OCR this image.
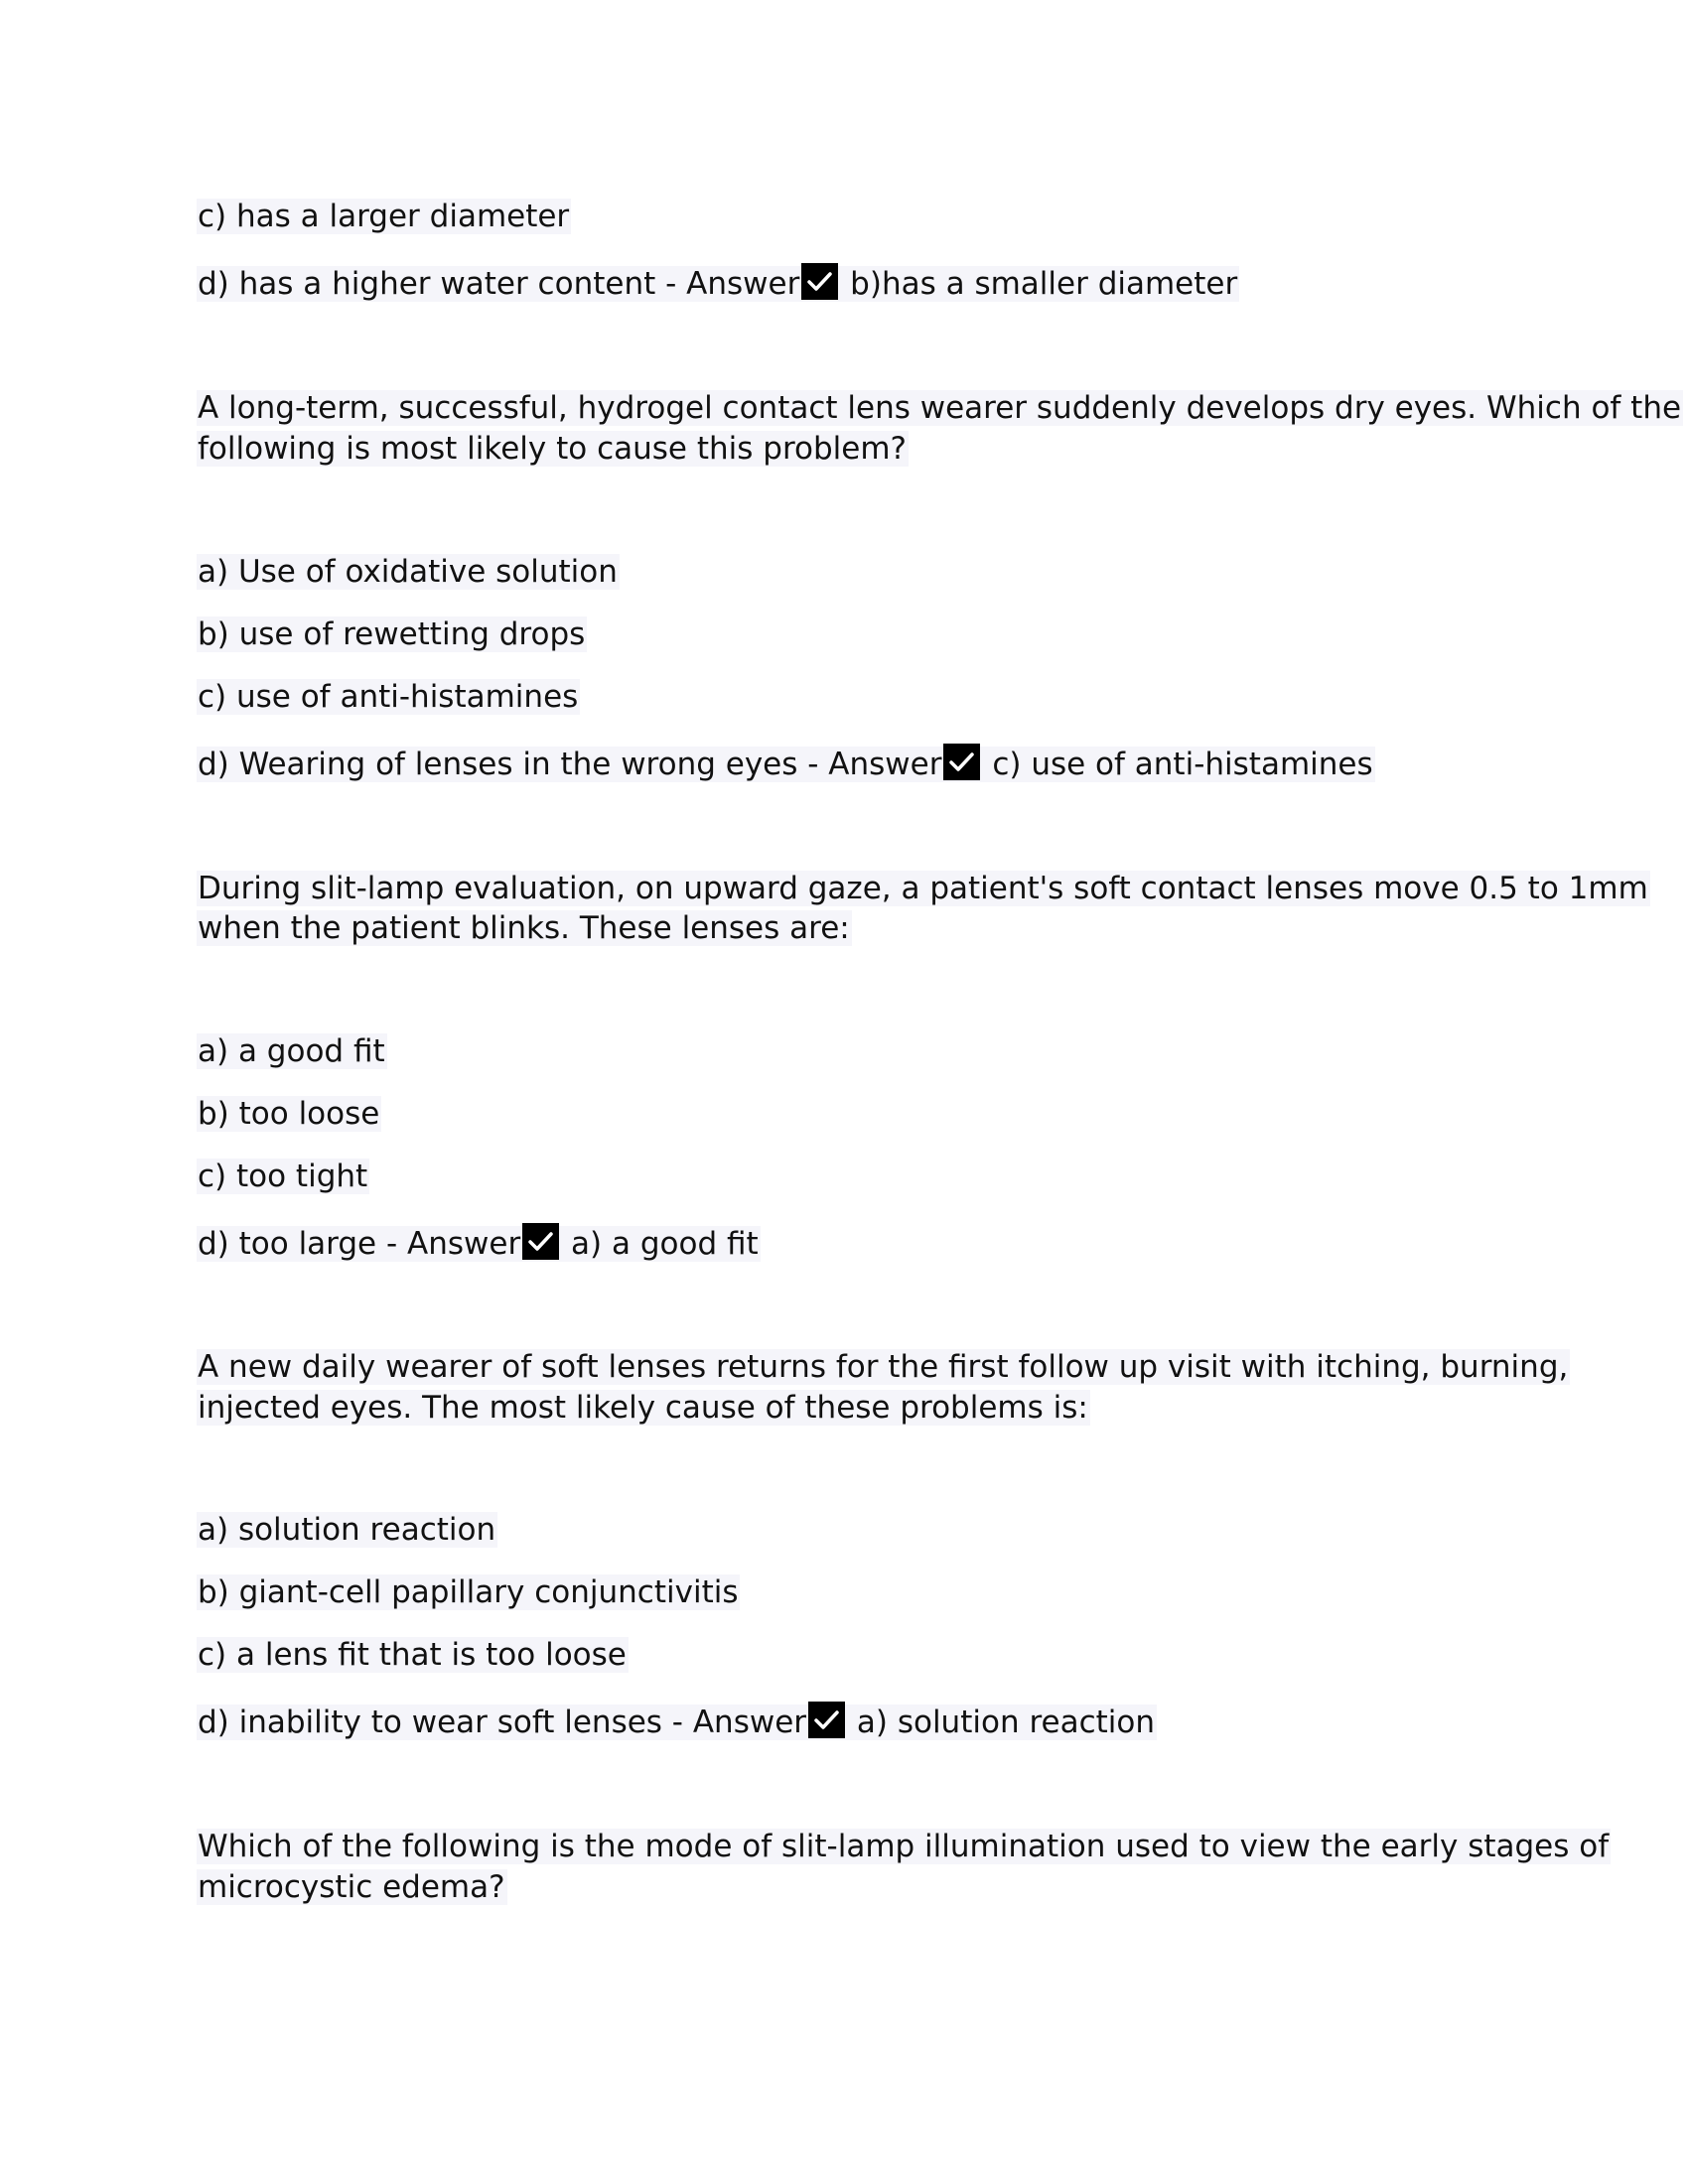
c) has a larger diameter
d) has a higher water content - Answer
b)has a smaller diameter
A long-term, successful, hydrogel contact lens wearer suddenly develops dry eyes. Which of the
following is most likely to cause this problem?
a) Use of oxidative solution
b) use of rewetting drops
c) use of anti-histamines
d) Wearing of lenses in the wrong eyes - Answer
c) use of anti-histamines
During slit-lamp evaluation, on upward gaze, a patient's soft contact lenses move 0.5 to 1mm
when the patient blinks. These lenses are:
a) a good fit
b) too loose
c) too tight
d) too large - Answer
a) a good fit
A new daily wearer of soft lenses returns for the first follow up visit with itching, burning,
injected eyes. The most likely cause of these problems is:
a) solution reaction
b) giant-cell papillary conjunctivitis
c) a lens fit that is too loose
d) inability to wear soft lenses - Answer
a) solution reaction
Which of the following is the mode of slit-lamp illumination used to view the early stages of
microcystic edema?
